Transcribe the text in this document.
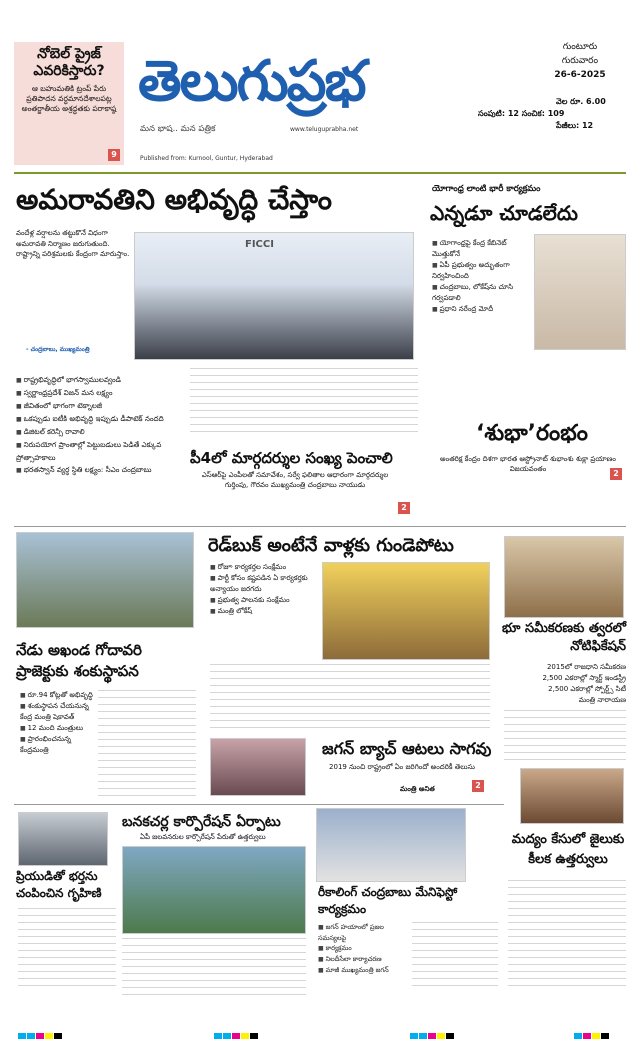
నోబెల్ ప్రైజ్ ఎవరికిస్తారు?
ఆ బహుమతికి ట్రంప్ పేరు ప్రతిపాదన వర్ధమానదేశాలపట్ల అంతర్జాతీయ అశ్రద్ధతకు పరాకాష్ఠ
9
తెలుగుప్రభ
మన భాష.. మన పత్రిక	www.teluguprabha.net
గుంటూరు
గురువారం
26-6-2025
వెల రూ. 6.00
సంపుటి: 12 సంచిక: 109
పేజీలు: 12
Published from: Kurnool, Guntur, Hyderabad
అమరావతిని అభివృద్ధి చేస్తాం
వందేళ్ల వర్షాలను తట్టుకొనే విధంగా అమరావతి నిర్మాణం జరుగుతుంది. రాష్ట్రాన్ని పరిశ్రమలకు కేంద్రంగా మారుస్తాం.
- చంద్రబాబు, ముఖ్యమంత్రి
FICCI
■ రాష్ట్రభివృద్ధిలో భాగస్వాములవ్వండి
■ స్వర్ణాంధ్రప్రదేశ్ విజన్ మన లక్ష్యం
■ జీవితంలో భాగంగా టెక్నాలజీ
■ ఒకప్పుడు ఐటీకి అభివృద్ధి ఇప్పుడు డీపాటెక్ నందది
■ డిజిటల్ కరెన్సీ రావాలి
■ నిరుపయోగ ప్రాంతాల్లో పెట్టుబడులు పెడితే ఎక్కువ ప్రోత్సాహకాలు
■ భరతస్వాన్ వ్యర్థ స్థితి లక్ష్యం: సీఎం చంద్రబాబు
పీ4లో మార్గదర్శుల సంఖ్య పెంచాలి
ఎస్‌ఆర్‌పై ఎంపీలతో సమావేశం, సర్వే ఫలితాల ఆధారంగా మార్గదర్శుల గుర్తింపు, గౌరవం ముఖ్యమంత్రి చంద్రబాబు నాయుడు
2
యోగాంధ్ర లాంటి భారీ కార్యక్రమం
ఎన్నడూ చూడలేదు
■ యోగాంధ్రపై కేంద్ర కేబినెట్ మొత్తుకోనే
■ ఏపీ ప్రభుత్వం అద్భుతంగా నిర్వహించింది
■ చంద్రబాబు, లోకేష్‌ను చూసి గర్వపడాలి
■ ప్రధాని నరేంద్ర మోదీ
‘శుభా’రంభం
అంతరిక్ష కేంద్రం దిశగా భారత ఆస్ట్రోనాట్ శుభాంశు శుక్లా ప్రయాణం విజయవంతం	2
నేడు అఖండ గోదావరి ప్రాజెక్టుకు శంకుస్థాపన
■ రూ.94 కోట్లతో అభివృద్ధి
■ శంకుస్థాపన చేయనున్న కేంద్ర మంత్రి షెకావత్
■ 12 మంది మంత్రులు
■ ప్రారంభించనున్న కేంద్రమంత్రి
రెడ్‌బుక్ అంటేనే వాళ్లకు గుండెపోటు
■ రోజూ కార్యకర్తల సంక్షేమం
■ పార్టీ కోసం కష్టపడిన ఏ కార్యకర్తకు అన్యాయం జరగదు
■ ప్రభుత్వ పాలనకు సంక్షేమం
■ మంత్రి లోకేష్
భూ సమీకరణకు త్వరలో నోటిఫికేషన్
2015లో రాజధాని సమీకరణ
2,500 ఎకరాల్లో స్మార్ట్ ఇండస్ట్రీ
2,500 ఎకరాల్లో స్పోర్ట్స్ సిటీ
మంత్రి నారాయణ
జగన్ బ్యాచ్ ఆటలు సాగవు
2019 నుంచి రాష్ట్రంలో ఏం జరిగిందో అందరికీ తెలుసు
మంత్రి అనిత	2
ప్రియుడితో భర్తను చంపించిన గృహిణి
బనకచర్ల కార్పొరేషన్ ఏర్పాటు
ఏపీ జలవనరుల కార్పొరేషన్ పేరుతో ఉత్తర్వులు
రీకాలింగ్ చంద్రబాబు మేనిఫెస్టో కార్యక్రమం
■ జగన్ హయాంలో ప్రజల సమస్యలపై
■ కార్యక్రమం
■ నిలదీసేలా కార్యాచరణ
■ మాజీ ముఖ్యమంత్రి జగన్
మద్యం కేసులో జైలుకు కీలక ఉత్తర్వులు
